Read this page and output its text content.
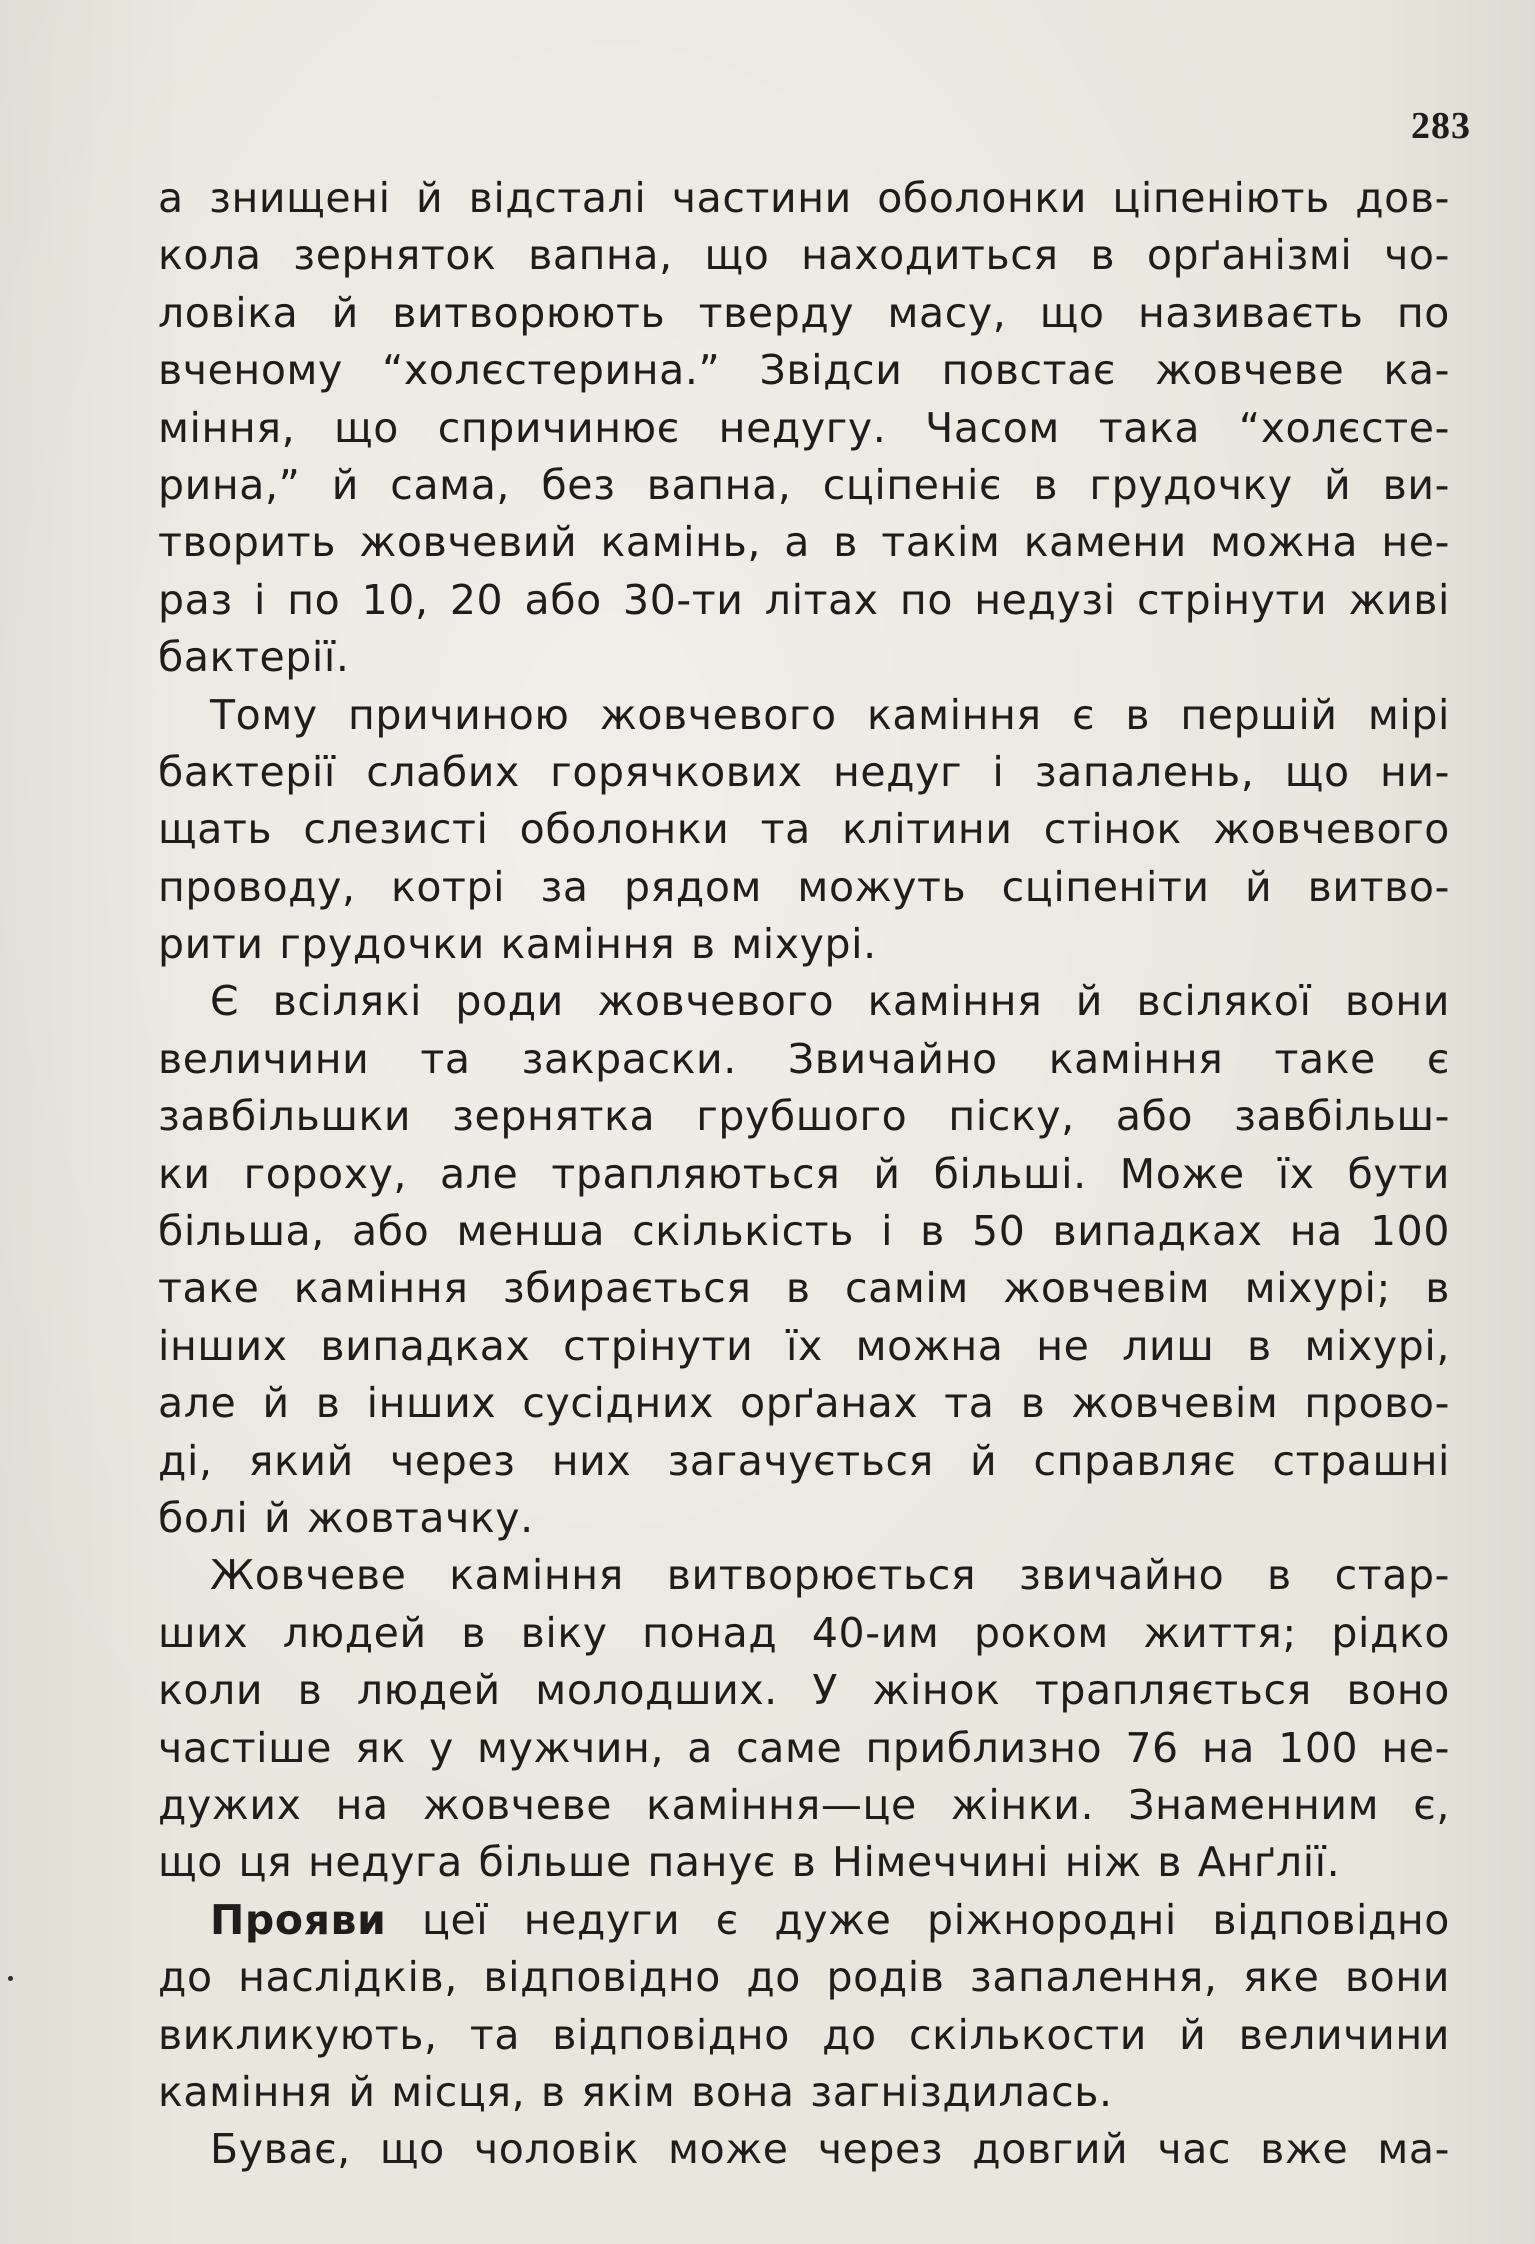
283
а знищені й відсталі частини оболонки ціпеніють дов-
кола зерняток вапна, що находиться в орґанізмі чо-
ловіка й витворюють тверду масу, що називаєть по
вченому “холєстерина.” Звідси повстає жовчеве ка-
міння, що спричинює недугу. Часом така “холєсте-
рина,” й сама, без вапна, сціпеніє в грудочку й ви-
творить жовчевий камінь, а в такім камени можна не-
раз і по 10, 20 або 30-ти літах по недузі стрінути живі
бактерії.
Тому причиною жовчевого каміння є в першій мірі
бактерії слабих горячкових недуг і запалень, що ни-
щать слезисті оболонки та клітини стінок жовчевого
проводу, котрі за рядом можуть сціпеніти й витво-
рити грудочки каміння в міхурі.
Є всілякі роди жовчевого каміння й всілякої вони
величини та закраски. Звичайно каміння таке є
завбільшки зернятка грубшого піску, або завбільш-
ки гороху, але трапляються й більші. Може їх бути
більша, або менша скількість і в 50 випадках на 100
таке каміння збирається в самім жовчевім міхурі; в
інших випадках стрінути їх можна не лиш в міхурі,
але й в інших сусідних орґанах та в жовчевім прово-
ді, який через них загачується й справляє страшні
болі й жовтачку.
Жовчеве каміння витворюється звичайно в стар-
ших людей в віку понад 40-им роком життя; рідко
коли в людей молодших. У жінок трапляється воно
частіше як у мужчин, а саме приблизно 76 на 100 не-
дужих на жовчеве каміння—це жінки. Знаменним є,
що ця недуга більше панує в Німеччині ніж в Анґлії.
Прояви цеї недуги є дуже ріжнородні відповідно
до наслідків, відповідно до родів запалення, яке вони
викликують, та відповідно до скількости й величини
каміння й місця, в якім вона загніздилась.
Буває, що чоловік може через довгий час вже ма-
